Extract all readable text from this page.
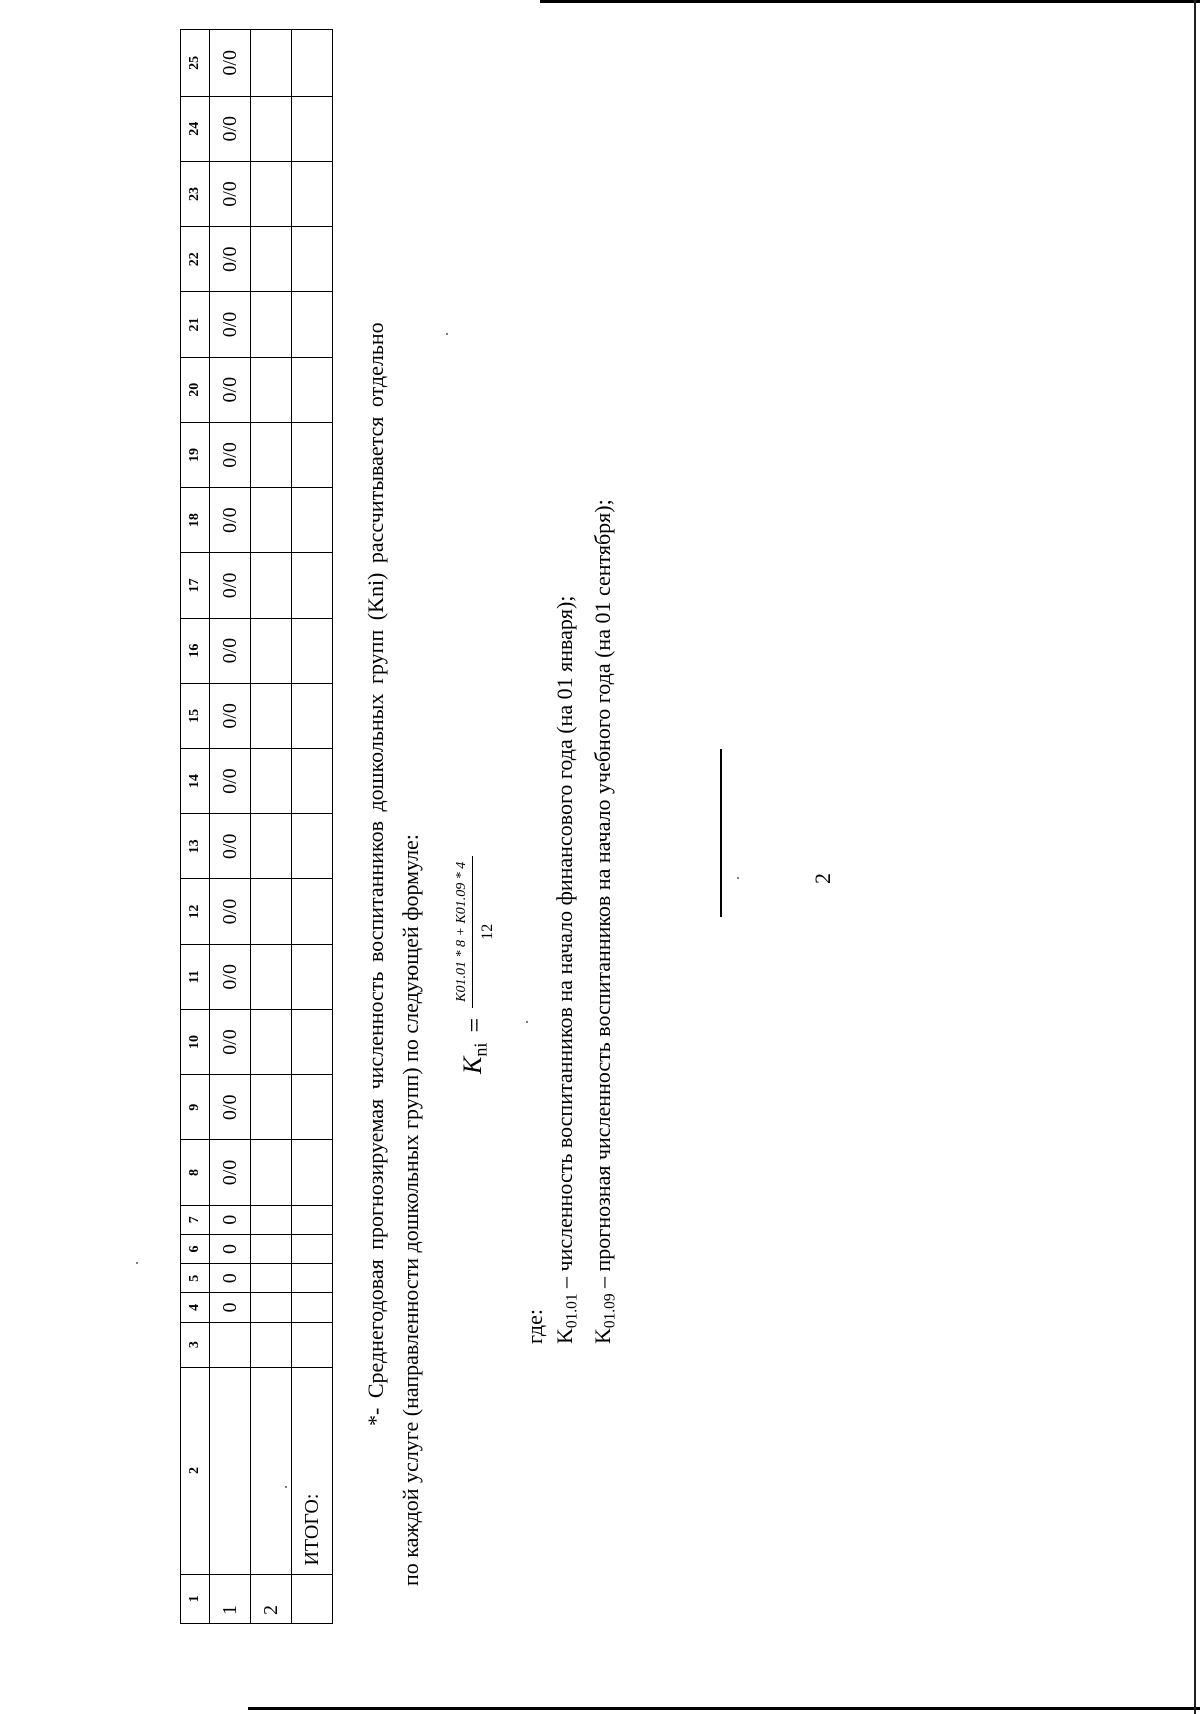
2
1	2	3	4	5	6	7	8	9	10	11	12	13	14	15	16	17	18	19	20	21	22	23	24	25
1			0	0	0	0	0/0	0/0	0/0	0/0	0/0	0/0	0/0	0/0	0/0	0/0	0/0	0/0	0/0	0/0	0/0	0/0	0/0	0/0
2																								
	ИТОГО:																							
*- Среднегодовая прогнозируемая численность воспитанников дошкольных групп (Kni) рассчитывается отдельно по каждой услуге (направленности дошкольных групп) по следующей формуле: $K_{ni}$
=
K01.01 * 8 + K01.09 * 4 12
где: $K_{01.01}$ – численность воспитанников на начало финансового года (на 01 января);
$K_{01.09}$ – прогнозная численность воспитанников на начало учебного года (на 01 сентября);
